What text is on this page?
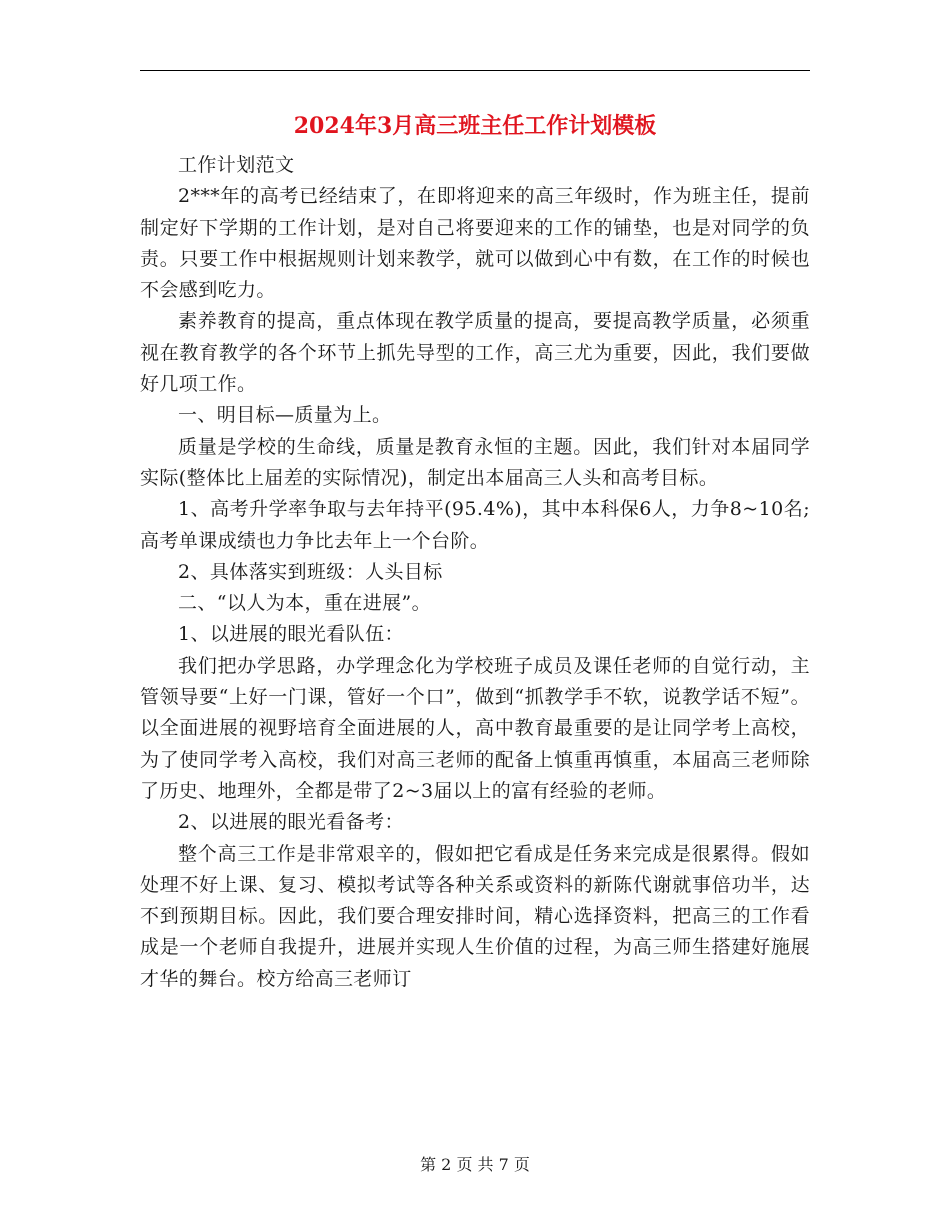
2024年3月高三班主任工作计划模板

工作计划范文

2***年的高考已经结束了，在即将迎来的高三年级时，作为班主任，提前制定好下学期的工作计划，是对自己将要迎来的工作的铺垫，也是对同学的负责。只要工作中根据规则计划来教学，就可以做到心中有数，在工作的时候也不会感到吃力。

素养教育的提高，重点体现在教学质量的提高，要提高教学质量，必须重视在教育教学的各个环节上抓先导型的工作，高三尤为重要，因此，我们要做好几项工作。

一、明目标—质量为上。

质量是学校的生命线，质量是教育永恒的主题。因此，我们针对本届同学实际(整体比上届差的实际情况)，制定出本届高三人头和高考目标。

1、高考升学率争取与去年持平(95.4%)，其中本科保6人，力争8~10名;高考单课成绩也力争比去年上一个台阶。

2、具体落实到班级：人头目标

二、“以人为本，重在进展”。

1、以进展的眼光看队伍：

我们把办学思路，办学理念化为学校班子成员及课任老师的自觉行动，主管领导要“上好一门课，管好一个口”，做到“抓教学手不软，说教学话不短”。以全面进展的视野培育全面进展的人，高中教育最重要的是让同学考上高校，为了使同学考入高校，我们对高三老师的配备上慎重再慎重，本届高三老师除了历史、地理外，全都是带了2~3届以上的富有经验的老师。

2、以进展的眼光看备考：

整个高三工作是非常艰辛的，假如把它看成是任务来完成是很累得。假如处理不好上课、复习、模拟考试等各种关系或资料的新陈代谢就事倍功半，达不到预期目标。因此，我们要合理安排时间，精心选择资料，把高三的工作看成是一个老师自我提升，进展并实现人生价值的过程，为高三师生搭建好施展才华的舞台。校方给高三老师订

第 2 页 共 7 页
